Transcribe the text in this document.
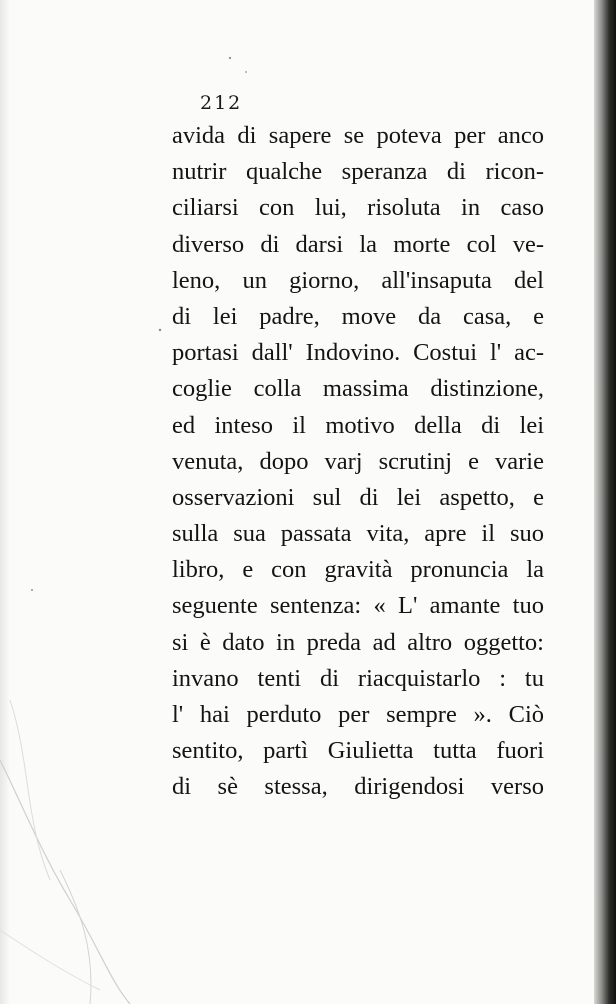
212
avida di sapere se poteva per anco
nutrir qualche speranza di ricon-
ciliarsi con lui, risoluta in caso
diverso di darsi la morte col ve-
leno, un giorno, all'insaputa del
di lei padre, move da casa, e
portasi dall' Indovino. Costui l' ac-
coglie colla massima distinzione,
ed inteso il motivo della di lei
venuta, dopo varj scrutinj e varie
osservazioni sul di lei aspetto, e
sulla sua passata vita, apre il suo
libro, e con gravità pronuncia la
seguente sentenza: « L' amante tuo
si è dato in preda ad altro oggetto:
invano tenti di riacquistarlo : tu
l' hai perduto per sempre ». Ciò
sentito, partì Giulietta tutta fuori
di sè stessa, dirigendosi verso
